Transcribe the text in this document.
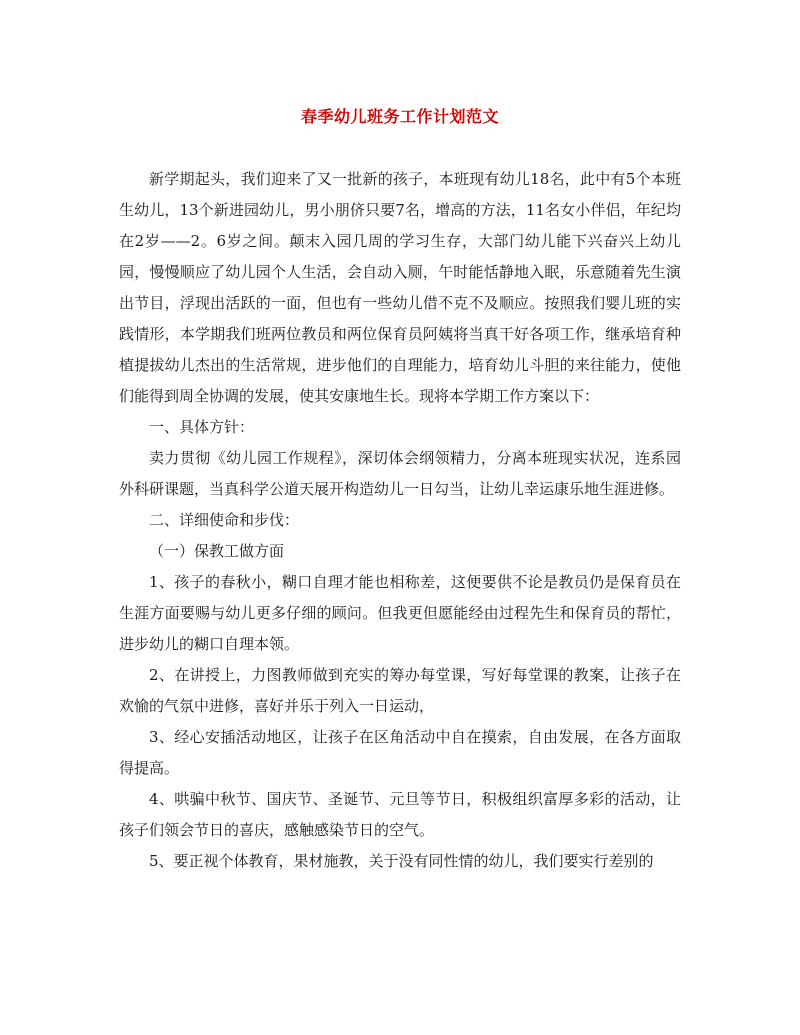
春季幼儿班务工作计划范文

新学期起头，我们迎来了又一批新的孩子，本班现有幼儿18名，此中有5个本班生幼儿，13个新进园幼儿，男小朋侪只要7名，增高的方法，11名女小伴侣，年纪均在2岁——2。6岁之间。颠末入园几周的学习生存，大部门幼儿能下兴奋兴上幼儿园，慢慢顺应了幼儿园个人生活，会自动入厕，午时能恬静地入眠，乐意随着先生演出节目，浮现出活跃的一面，但也有一些幼儿借不克不及顺应。按照我们婴儿班的实践情形，本学期我们班两位教员和两位保育员阿姨将当真干好各项工作，继承培育种植提拔幼儿杰出的生活常规，进步他们的自理能力，培育幼儿斗胆的来往能力，使他们能得到周全协调的发展，使其安康地生长。现将本学期工作方案以下：

一、具体方针：

卖力贯彻《幼儿园工作规程》，深切体会纲领精力，分离本班现实状况，连系园外科研课题，当真科学公道天展开构造幼儿一日勾当，让幼儿幸运康乐地生涯进修。

二、详细使命和步伐：

（一）保教工做方面

1、孩子的春秋小，糊口自理才能也相称差，这便要供不论是教员仍是保育员在生涯方面要赐与幼儿更多仔细的顾问。但我更但愿能经由过程先生和保育员的帮忙，进步幼儿的糊口自理本领。

2、在讲授上，力图教师做到充实的筹办每堂课，写好每堂课的教案，让孩子在欢愉的气氛中进修，喜好并乐于列入一日运动，

3、经心安插活动地区，让孩子在区角活动中自在摸索，自由发展，在各方面取得提高。

4、哄骗中秋节、国庆节、圣诞节、元旦等节日，积极组织富厚多彩的活动，让孩子们领会节日的喜庆，感触感染节日的空气。

5、要正视个体教育，果材施教，关于没有同性情的幼儿，我们要实行差别的
